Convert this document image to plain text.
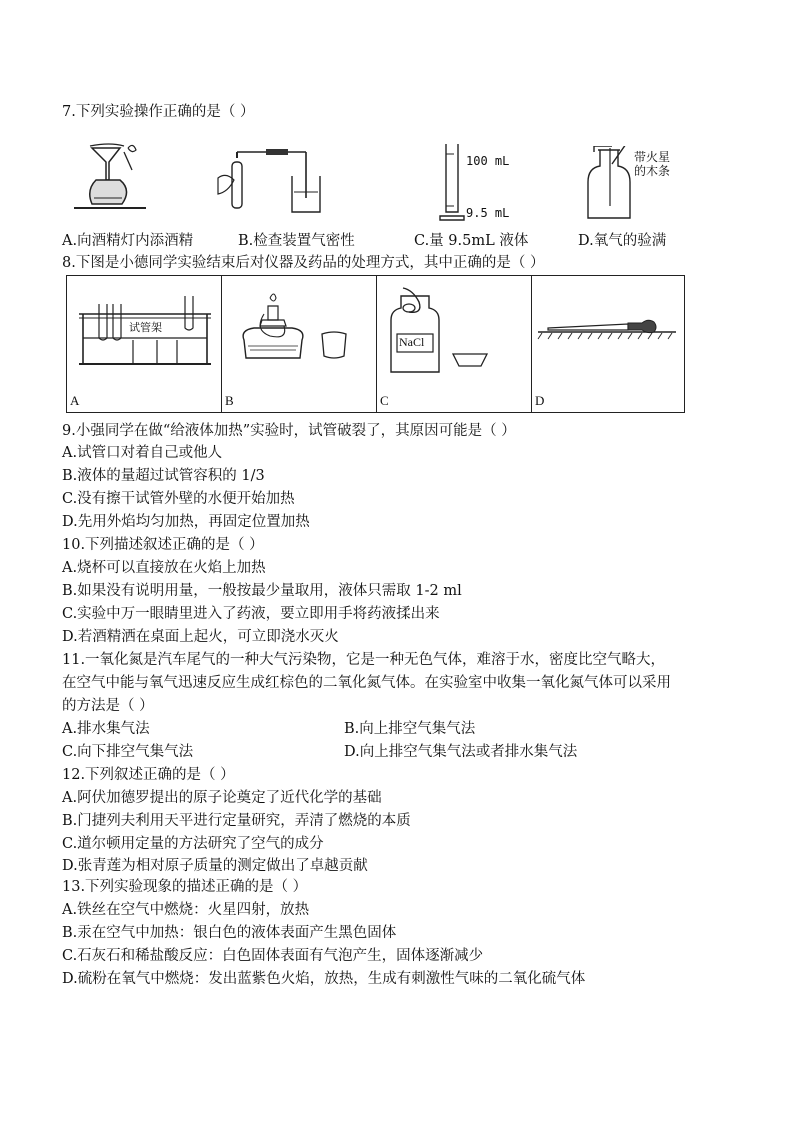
7.下列实验操作正确的是（ ）
100 mL
9.5 mL
带火星
的木条
A.向酒精灯内添酒精	B.检查装置气密性	C.量 9.5mL 液体	D.氧气的验满
8.下图是小德同学实验结束后对仪器及药品的处理方式，其中正确的是（ ）
试管架
A	B
NaCl
C	D
9.小强同学在做“给液体加热”实验时，试管破裂了，其原因可能是（ ）
A.试管口对着自己或他人
B.液体的量超过试管容积的 1/3
C.没有擦干试管外壁的水便开始加热
D.先用外焰均匀加热，再固定位置加热
10.下列描述叙述正确的是（ ）
A.烧杯可以直接放在火焰上加热
B.如果没有说明用量，一般按最少量取用，液体只需取 1-2 ml
C.实验中万一眼睛里进入了药液，要立即用手将药液揉出来
D.若酒精洒在桌面上起火，可立即浇水灭火
11.一氧化氮是汽车尾气的一种大气污染物，它是一种无色气体，难溶于水，密度比空气略大，
在空气中能与氧气迅速反应生成红棕色的二氧化氮气体。在实验室中收集一氧化氮气体可以采用
的方法是（ ）
A.排水集气法	B.向上排空气集气法
C.向下排空气集气法	D.向上排空气集气法或者排水集气法
12.下列叙述正确的是（ ）
A.阿伏加德罗提出的原子论奠定了近代化学的基础
B.门捷列夫利用天平进行定量研究，弄清了燃烧的本质
C.道尔顿用定量的方法研究了空气的成分
D.张青莲为相对原子质量的测定做出了卓越贡献
13.下列实验现象的描述正确的是（ ）
A.铁丝在空气中燃烧：火星四射，放热
B.汞在空气中加热：银白色的液体表面产生黑色固体
C.石灰石和稀盐酸反应：白色固体表面有气泡产生，固体逐渐减少
D.硫粉在氧气中燃烧：发出蓝紫色火焰，放热，生成有刺激性气味的二氧化硫气体
